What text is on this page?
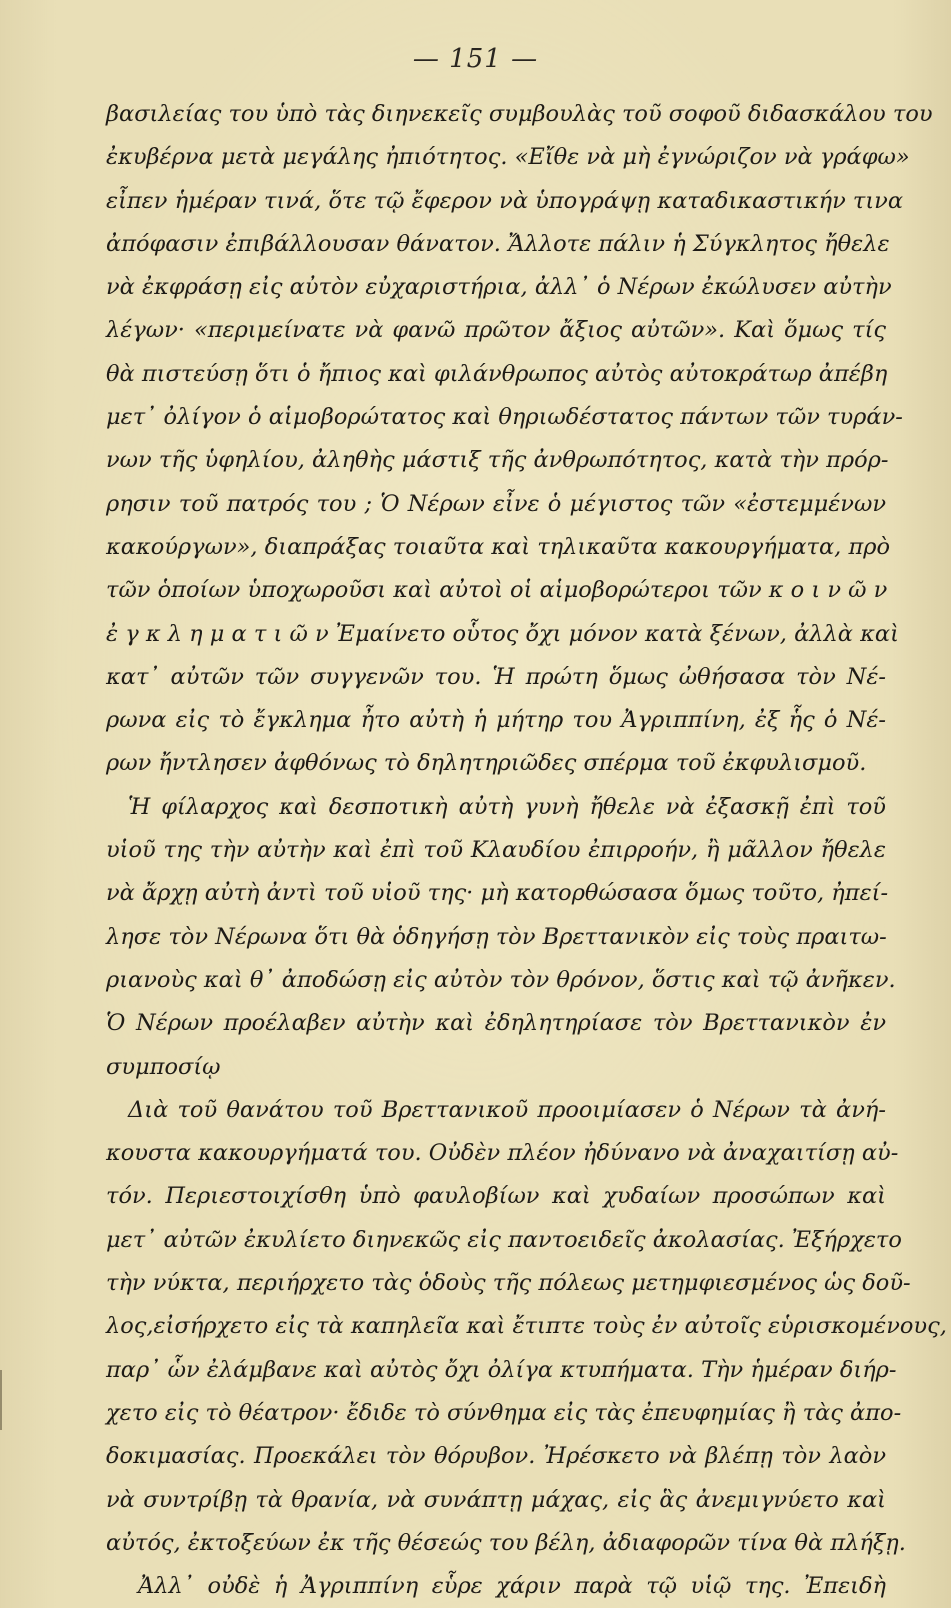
— 151 —
βασιλείας του ὑπὸ τὰς διηνεκεῖς συμβουλὰς τοῦ σοφοῦ διδασκάλου του
ἐκυβέρνα μετὰ μεγάλης ἠπιότητος. «Εἴθε νὰ μὴ ἐγνώριζον νὰ γράφω»
εἶπεν ἡμέραν τινά, ὅτε τῷ ἔφερον νὰ ὑπογράψῃ καταδικαστικήν τινα
ἀπόφασιν ἐπιβάλλουσαν θάνατον. Ἄλλοτε πάλιν ἡ Σύγκλητος ἤθελε
νὰ ἐκφράσῃ εἰς αὐτὸν εὐχαριστήρια, ἀλλ᾽ ὁ Νέρων ἐκώλυσεν αὐτὴν
λέγων· «περιμείνατε νὰ φανῶ πρῶτον ἄξιος αὐτῶν». Καὶ ὅμως τίς
θὰ πιστεύσῃ ὅτι ὁ ἤπιος καὶ φιλάνθρωπος αὐτὸς αὐτοκράτωρ ἀπέβη
μετ᾽ ὀλίγον ὁ αἱμοβορώτατος καὶ θηριωδέστατος πάντων τῶν τυράν-
νων τῆς ὑφηλίου, ἀληθὴς μάστιξ τῆς ἀνθρωπότητος, κατὰ τὴν πρόρ-
ρησιν τοῦ πατρός του ; Ὁ Νέρων εἶνε ὁ μέγιστος τῶν «ἐστεμμένων
κακούργων», διαπράξας τοιαῦτα καὶ τηλικαῦτα κακουργήματα, πρὸ
τῶν ὁποίων ὑποχωροῦσι καὶ αὐτοὶ οἱ αἱμοβορώτεροι τῶν κ ο ι ν ῶ ν
ἐ γ κ λ η μ α τ ι ῶ ν Ἐμαίνετο οὗτος ὄχι μόνον κατὰ ξένων, ἀλλὰ καὶ
κατ᾽ αὐτῶν τῶν συγγενῶν του. Ἡ πρώτη ὅμως ὠθήσασα τὸν Νέ-
ρωνα εἰς τὸ ἔγκλημα ἦτο αὐτὴ ἡ μήτηρ του Ἀγριππίνη, ἐξ ἧς ὁ Νέ-
ρων ἤντλησεν ἀφθόνως τὸ δηλητηριῶδες σπέρμα τοῦ ἐκφυλισμοῦ.
Ἡ φίλαρχος καὶ δεσποτικὴ αὐτὴ γυνὴ ἤθελε νὰ ἐξασκῇ ἐπὶ τοῦ
υἱοῦ της τὴν αὐτὴν καὶ ἐπὶ τοῦ Κλαυδίου ἐπιρροήν, ἢ μᾶλλον ἤθελε
νὰ ἄρχῃ αὐτὴ ἀντὶ τοῦ υἱοῦ της· μὴ κατορθώσασα ὅμως τοῦτο, ἠπεί-
λησε τὸν Νέρωνα ὅτι θὰ ὁδηγήσῃ τὸν Βρεττανικὸν εἰς τοὺς πραιτω-
ριανοὺς καὶ θ᾽ ἀποδώσῃ εἰς αὐτὸν τὸν θρόνον, ὅστις καὶ τῷ ἀνῆκεν.
Ὁ Νέρων προέλαβεν αὐτὴν καὶ ἐδηλητηρίασε τὸν Βρεττανικὸν ἐν
συμποσίῳ
Διὰ τοῦ θανάτου τοῦ Βρεττανικοῦ προοιμίασεν ὁ Νέρων τὰ ἀνή-
κουστα κακουργήματά του. Οὐδὲν πλέον ἠδύνανο νὰ ἀναχαιτίσῃ αὐ-
τόν. Περιεστοιχίσθη ὑπὸ φαυλοβίων καὶ χυδαίων προσώπων καὶ
μετ᾽ αὐτῶν ἐκυλίετο διηνεκῶς εἰς παντοειδεῖς ἀκολασίας. Ἐξήρχετο
τὴν νύκτα, περιήρχετο τὰς ὁδοὺς τῆς πόλεως μετημφιεσμένος ὡς δοῦ-
λος,εἰσήρχετο εἰς τὰ καπηλεῖα καὶ ἔτιπτε τοὺς ἐν αὐτοῖς εὑρισκομένους,
παρ᾽ ὧν ἐλάμβανε καὶ αὐτὸς ὄχι ὀλίγα κτυπήματα. Τὴν ἡμέραν διήρ-
χετο εἰς τὸ θέατρον· ἔδιδε τὸ σύνθημα εἰς τὰς ἐπευφημίας ἢ τὰς ἀπο-
δοκιμασίας. Προεκάλει τὸν θόρυβον. Ἠρέσκετο νὰ βλέπῃ τὸν λαὸν
νὰ συντρίβῃ τὰ θρανία, νὰ συνάπτῃ μάχας, εἰς ἃς ἀνεμιγνύετο καὶ
αὐτός, ἐκτοξεύων ἐκ τῆς θέσεώς του βέλη, ἀδιαφορῶν τίνα θὰ πλήξῃ.
Ἀλλ᾽ οὐδὲ ἡ Ἀγριππίνη εὗρε χάριν παρὰ τῷ υἱῷ της. Ἐπειδὴ
